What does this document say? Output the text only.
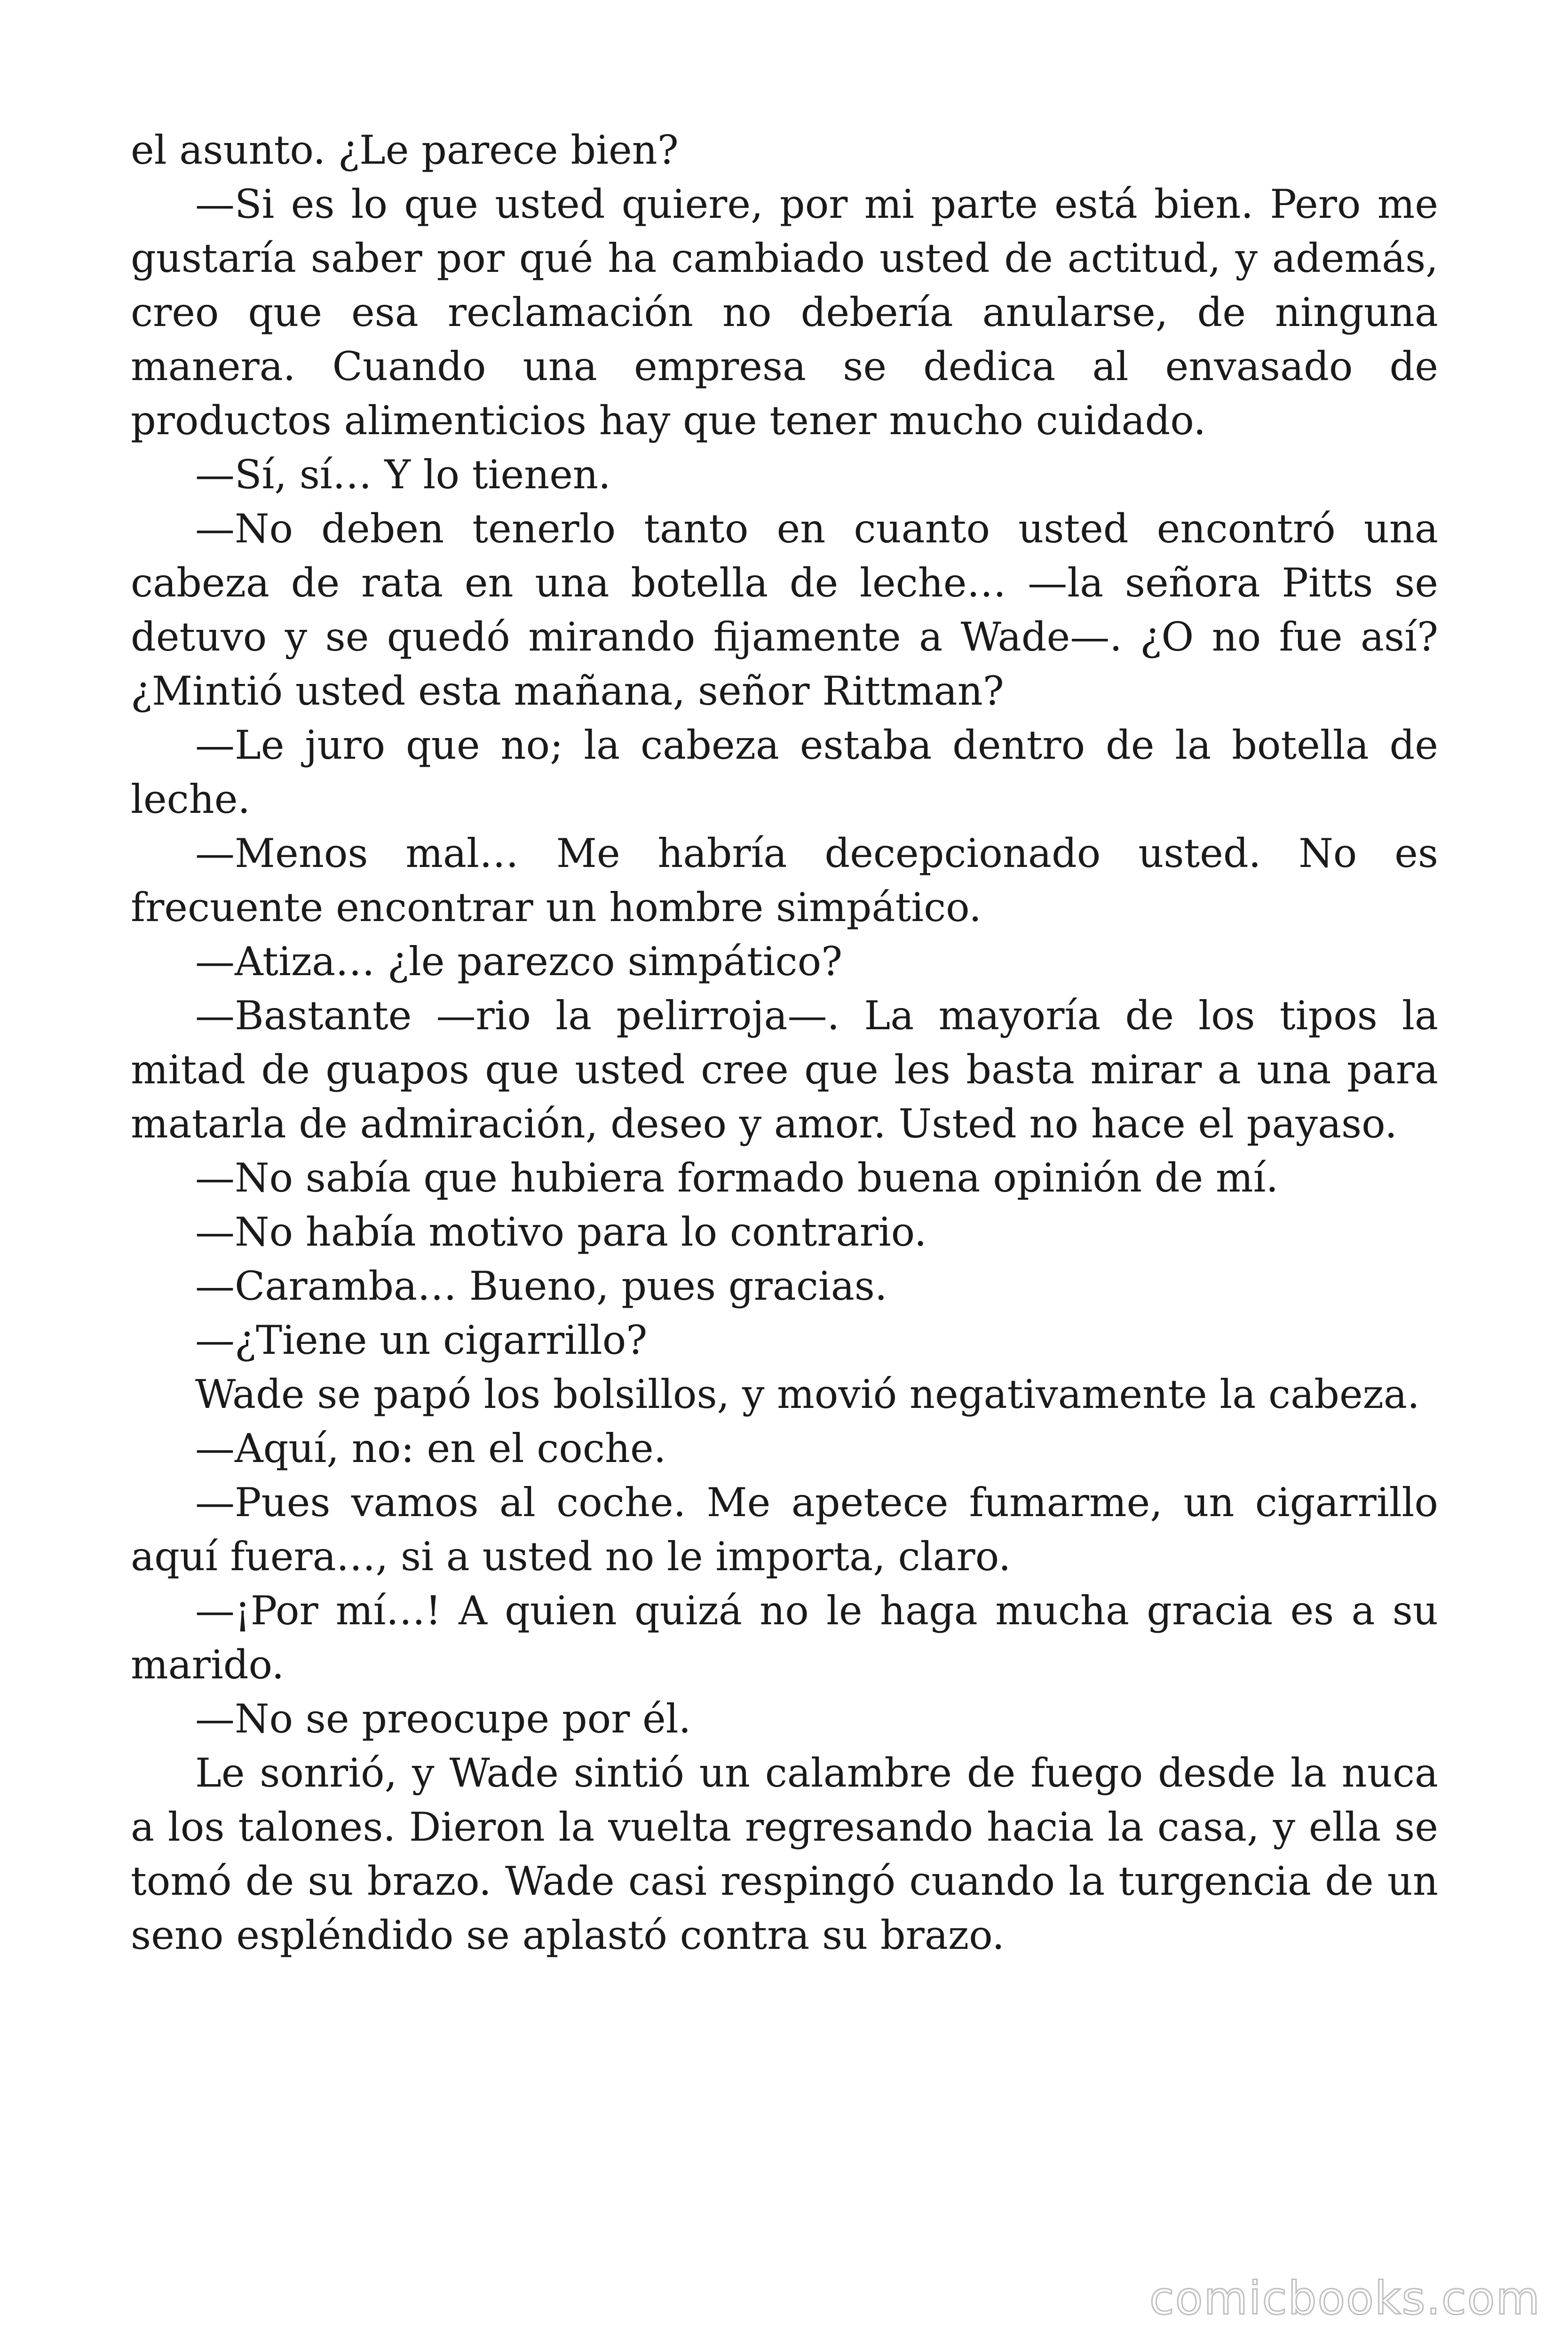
el asunto. ¿Le parece bien?

—Si es lo que usted quiere, por mi parte está bien. Pero me gustaría saber por qué ha cambiado usted de actitud, y además, creo que esa reclamación no debería anularse, de ninguna manera. Cuando una empresa se dedica al envasado de productos alimenticios hay que tener mucho cuidado.

—Sí, sí… Y lo tienen.

—No deben tenerlo tanto en cuanto usted encontró una cabeza de rata en una botella de leche… —la señora Pitts se detuvo y se quedó mirando fijamente a Wade—. ¿O no fue así? ¿Mintió usted esta mañana, señor Rittman?

—Le juro que no; la cabeza estaba dentro de la botella de leche.

—Menos mal… Me habría decepcionado usted. No es frecuente encontrar un hombre simpático.

—Atiza… ¿le parezco simpático?

—Bastante —rio la pelirroja—. La mayoría de los tipos la mitad de guapos que usted cree que les basta mirar a una para matarla de admiración, deseo y amor. Usted no hace el payaso.

—No sabía que hubiera formado buena opinión de mí.

—No había motivo para lo contrario.

—Caramba… Bueno, pues gracias.

—¿Tiene un cigarrillo?

Wade se papó los bolsillos, y movió negativamente la cabeza.

—Aquí, no: en el coche.

—Pues vamos al coche. Me apetece fumarme, un cigarrillo aquí fuera…, si a usted no le importa, claro.

—¡Por mí…! A quien quizá no le haga mucha gracia es a su marido.

—No se preocupe por él.

Le sonrió, y Wade sintió un calambre de fuego desde la nuca a los talones. Dieron la vuelta regresando hacia la casa, y ella se tomó de su brazo. Wade casi respingó cuando la turgencia de un seno espléndido se aplastó contra su brazo.

comicbooks.com
